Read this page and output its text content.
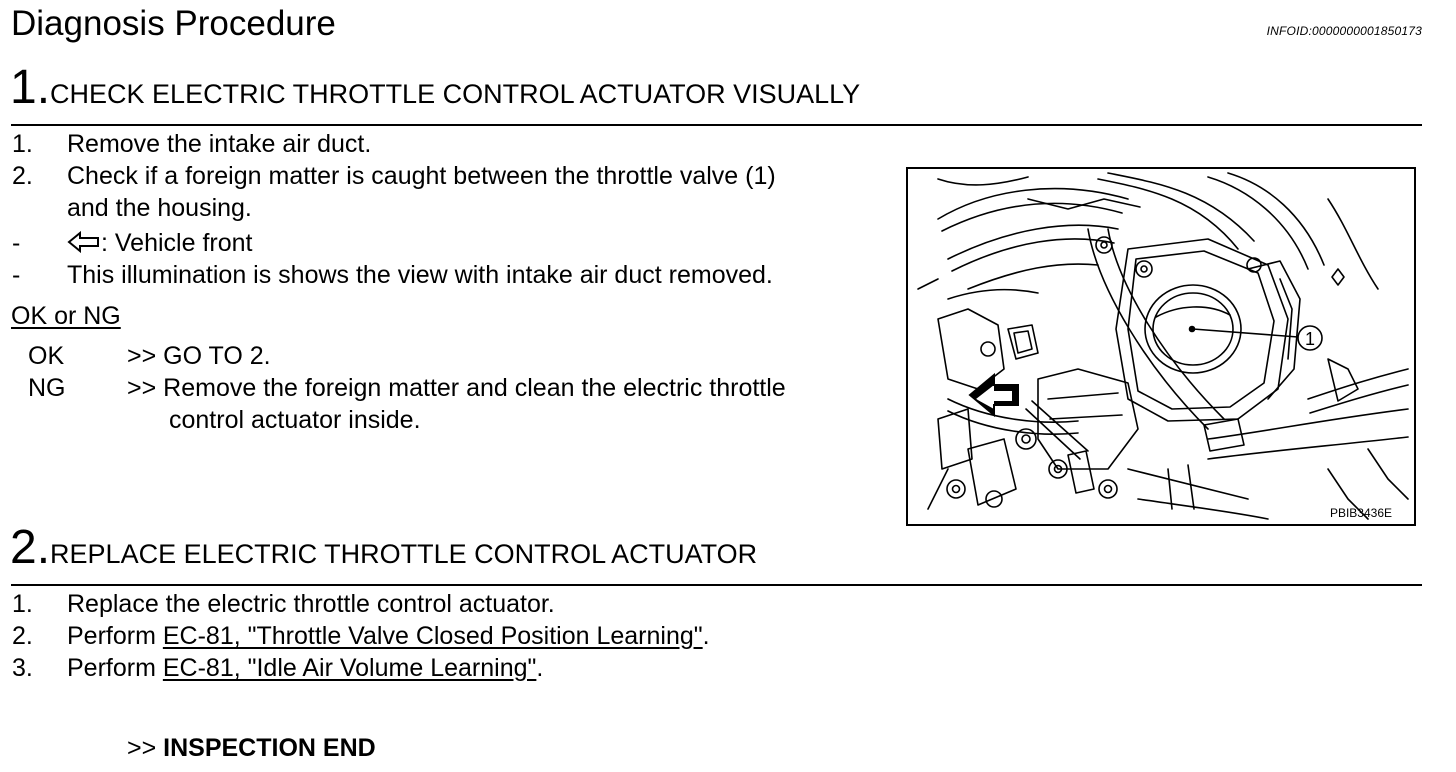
Diagnosis Procedure	INFOID:0000000001850173
1.CHECK ELECTRIC THROTTLE CONTROL ACTUATOR VISUALLY
1. Remove the intake air duct.
2. Check if a foreign matter is caught between the throttle valve (1)
and the housing.
-	: Vehicle front
- This illumination is shows the view with intake air duct removed.
OK or NG
OK	>> GO TO 2.
NG >> Remove the foreign matter and clean the electric throttle
control actuator inside.
1
PBIB3436E
2.REPLACE ELECTRIC THROTTLE CONTROL ACTUATOR
1. Replace the electric throttle control actuator.
2. Perform EC-81, "Throttle Valve Closed Position Learning".
3. Perform EC-81, "Idle Air Volume Learning".
>> INSPECTION END
